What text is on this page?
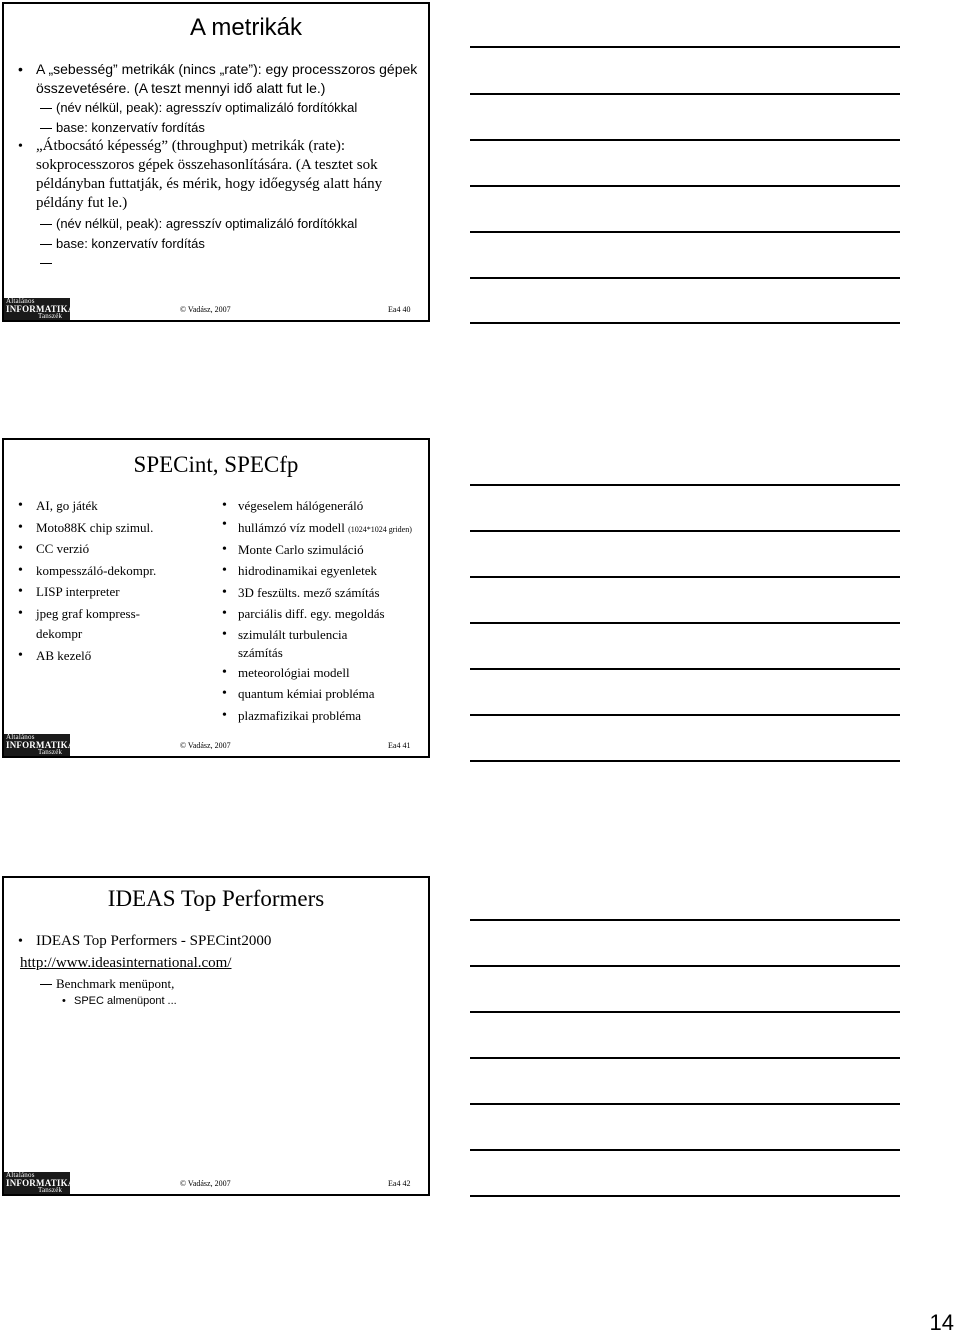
A metrikák
• A „sebesség” metrikák (nincs „rate”): egy processzoros gépek összevetésére. (A teszt mennyi idő alatt fut le.)
(név nélkül, peak): agresszív optimalizáló fordítókkal
base: konzervatív fordítás
• „Átbocsátó képesség” (throughput) metrikák (rate): sokprocesszoros gépek összehasonlítására. (A tesztet sok példányban futtatják, és mérik, hogy időegység alatt hány példány fut le.)
(név nélkül, peak): agresszív optimalizáló fordítókkal
base: konzervatív fordítás
Általános
INFORMATIKAI
Tanszék
© Vadász, 2007	Ea4 40
SPECint, SPECfp
• AI, go játék
• Moto88K chip szimul.
• CC verzió
• kompesszáló-dekompr.
• LISP interpreter
• jpeg graf kompress-dekompr
• AB kezelő
• végeselem hálógeneráló
• hullámzó víz modell (1024*1024 griden)
• Monte Carlo szimuláció
• hidrodinamikai egyenletek
• 3D feszülts. mező számítás
• parciális diff. egy. megoldás
• szimulált turbulencia számítás
• meteorológiai modell
• quantum kémiai probléma
• plazmafizikai probléma
Általános
INFORMATIKAI
Tanszék
© Vadász, 2007	Ea4 41
IDEAS Top Performers
• IDEAS Top Performers - SPECint2000
http://www.ideasinternational.com/
Benchmark menüpont,
• SPEC almenüpont ...
Általános
INFORMATIKAI
Tanszék
© Vadász, 2007	Ea4 42
14
